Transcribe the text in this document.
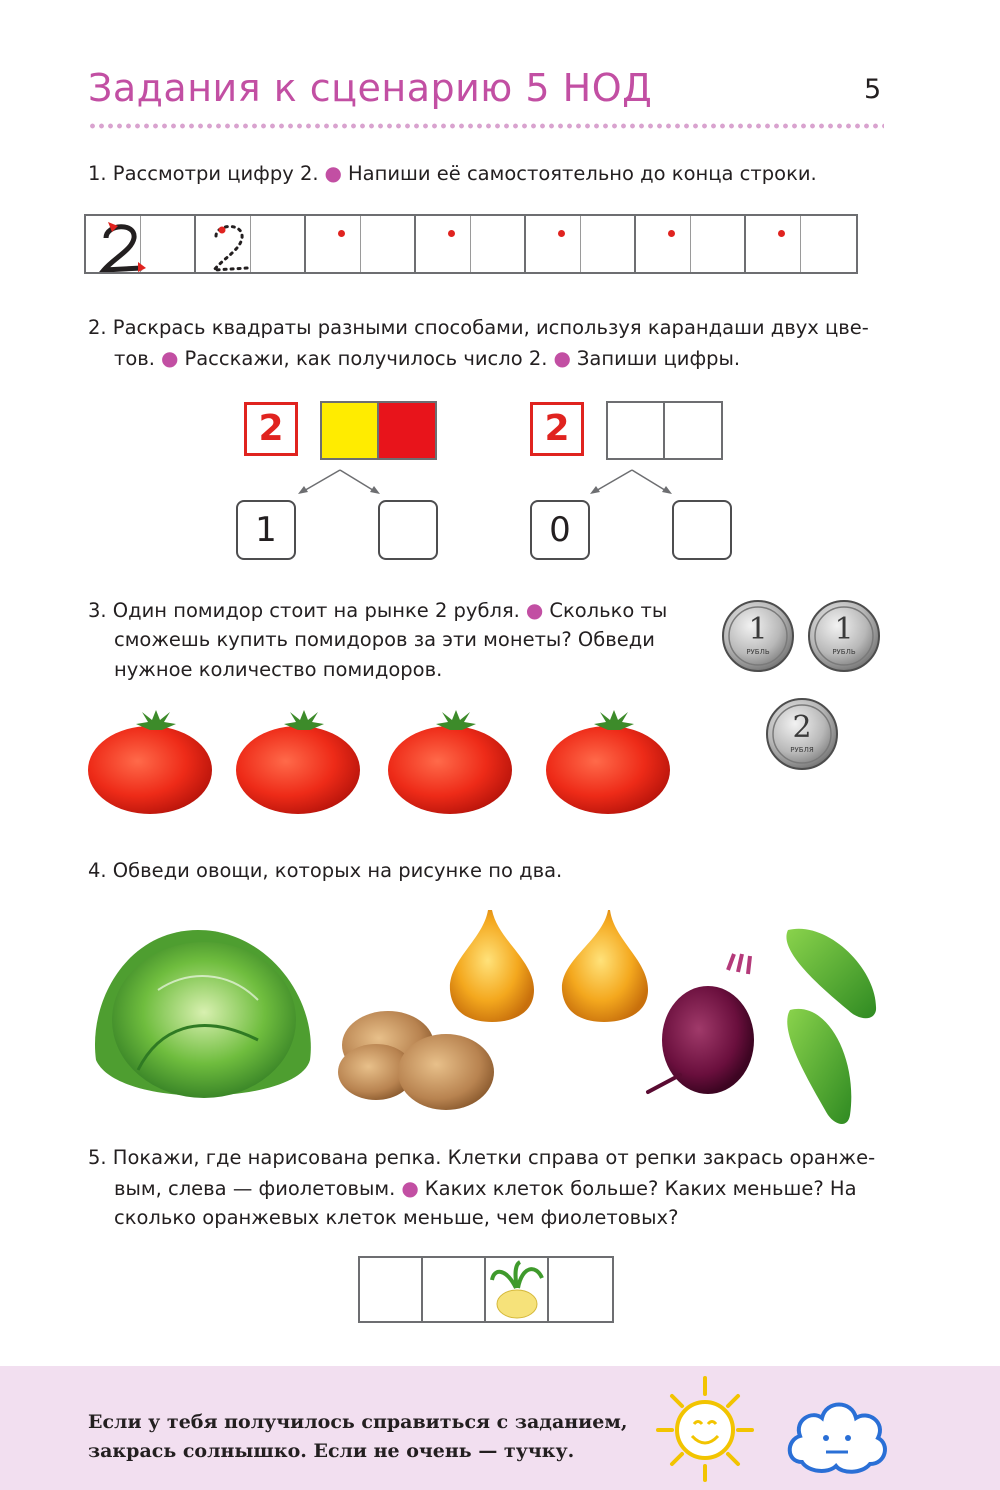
Задания к сценарию 5 НОД	5
1. Рассмотри цифру 2. ● Напиши её самостоятельно до конца строки.
2. Раскрась квадраты разными способами, используя карандаши двух цве-
тов. ● Расскажи, как получилось число 2. ● Запиши цифры.
2
1
2
0
3. Один помидор стоит на рынке 2 рубля. ● Сколько ты
сможешь купить помидоров за эти монеты? Обведи
нужное количество помидоров.
1
РУБЛЬ
1
РУБЛЬ
2
РУБЛЯ
4. Обведи овощи, которых на рисунке по два.
5. Покажи, где нарисована репка. Клетки справа от репки закрась оранже-
вым, слева — фиолетовым. ● Каких клеток больше? Каких меньше? На
сколько оранжевых клеток меньше, чем фиолетовых?
Если у тебя получилось справиться с заданием,
закрась солнышко. Если не очень — тучку.
